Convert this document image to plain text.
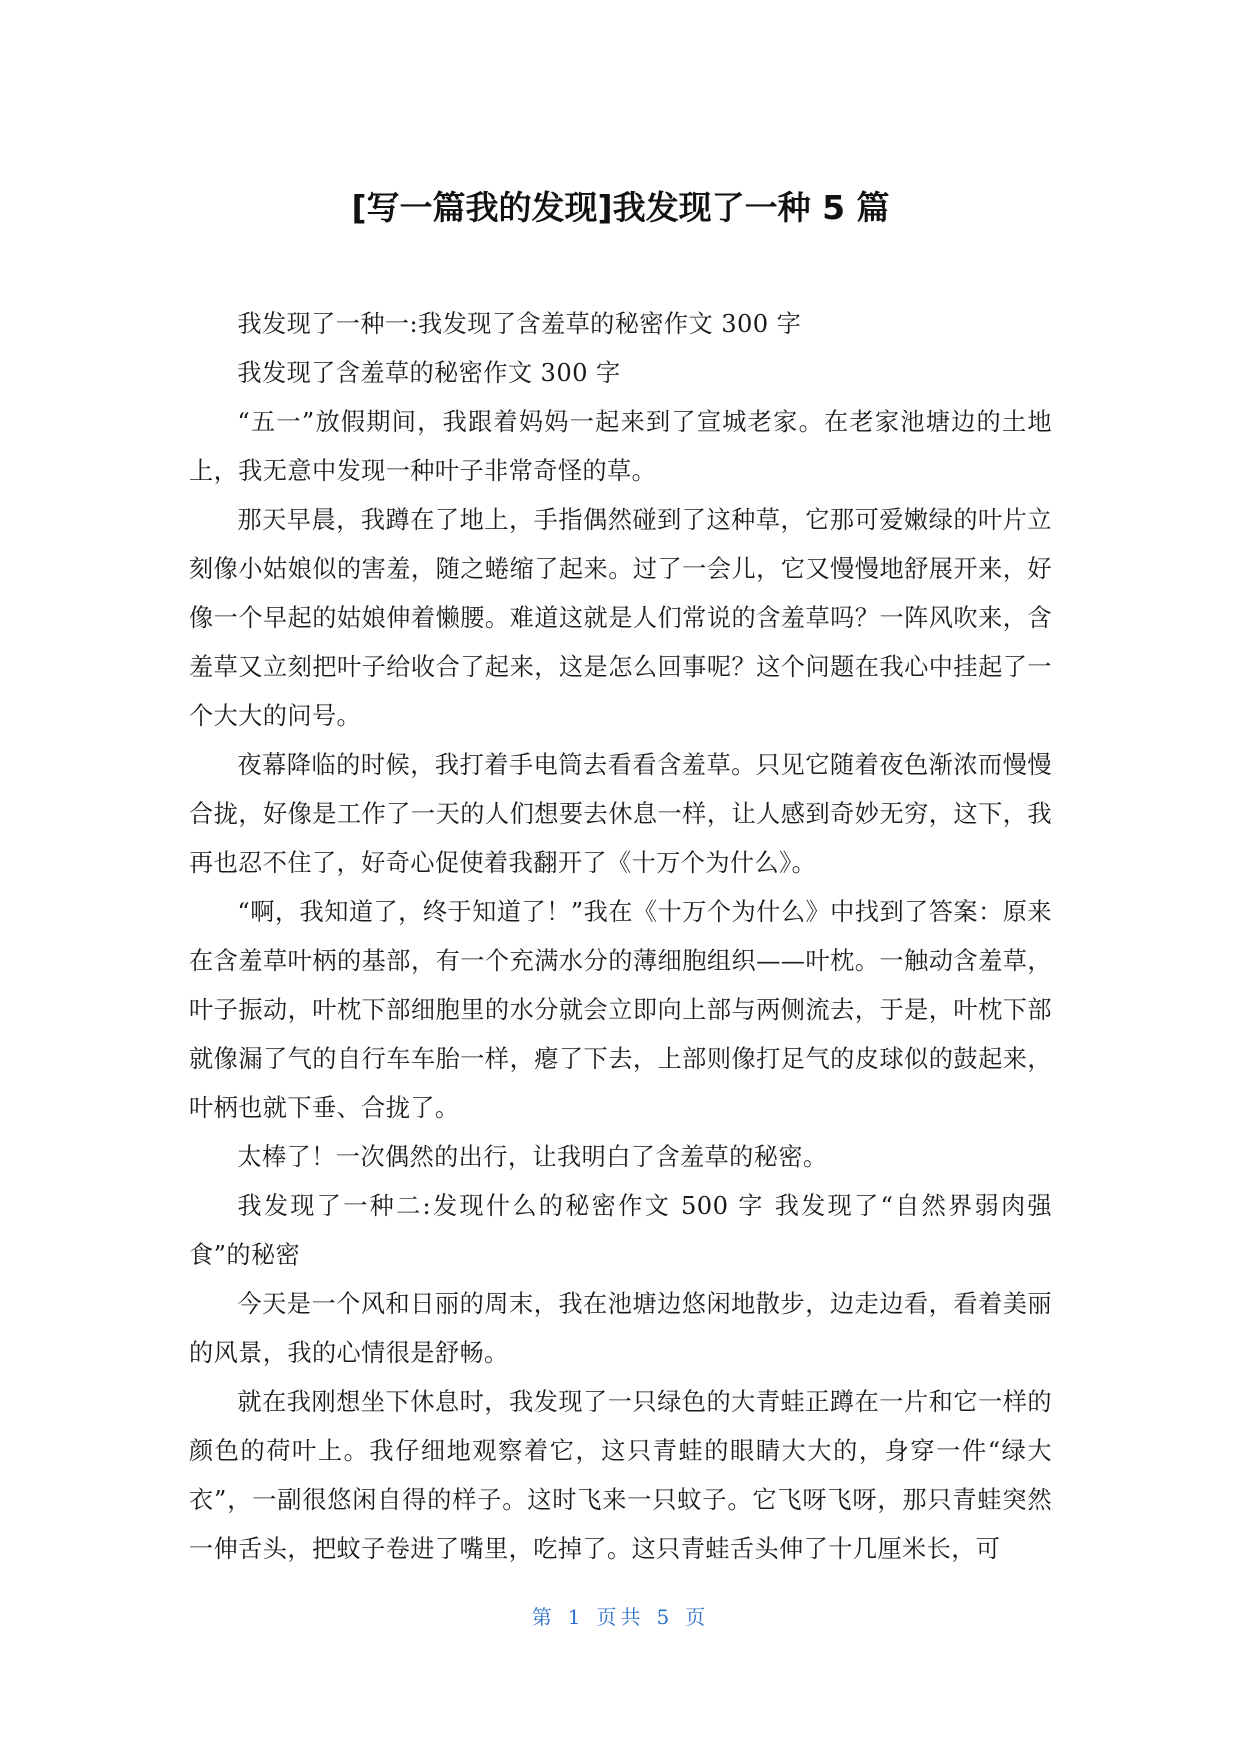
[写一篇我的发现]我发现了一种 5 篇

我发现了一种一:我发现了含羞草的秘密作文 300 字

我发现了含羞草的秘密作文 300 字

“五一”放假期间，我跟着妈妈一起来到了宣城老家。在老家池塘边的土地上，我无意中发现一种叶子非常奇怪的草。

那天早晨，我蹲在了地上，手指偶然碰到了这种草，它那可爱嫩绿的叶片立刻像小姑娘似的害羞，随之蜷缩了起来。过了一会儿，它又慢慢地舒展开来，好像一个早起的姑娘伸着懒腰。难道这就是人们常说的含羞草吗？一阵风吹来，含羞草又立刻把叶子给收合了起来，这是怎么回事呢？这个问题在我心中挂起了一个大大的问号。

夜幕降临的时候，我打着手电筒去看看含羞草。只见它随着夜色渐浓而慢慢合拢，好像是工作了一天的人们想要去休息一样，让人感到奇妙无穷，这下，我再也忍不住了，好奇心促使着我翻开了《十万个为什么》。

“啊，我知道了，终于知道了！”我在《十万个为什么》中找到了答案：原来在含羞草叶柄的基部，有一个充满水分的薄细胞组织——叶枕。一触动含羞草，叶子振动，叶枕下部细胞里的水分就会立即向上部与两侧流去，于是，叶枕下部就像漏了气的自行车车胎一样，瘪了下去，上部则像打足气的皮球似的鼓起来，叶柄也就下垂、合拢了。

太棒了！一次偶然的出行，让我明白了含羞草的秘密。

我发现了一种二:发现什么的秘密作文 500 字 我发现了“自然界弱肉强食”的秘密

今天是一个风和日丽的周末，我在池塘边悠闲地散步，边走边看，看着美丽的风景，我的心情很是舒畅。

就在我刚想坐下休息时，我发现了一只绿色的大青蛙正蹲在一片和它一样的颜色的荷叶上。我仔细地观察着它，这只青蛙的眼睛大大的，身穿一件“绿大衣”，一副很悠闲自得的样子。这时飞来一只蚊子。它飞呀飞呀，那只青蛙突然一伸舌头，把蚊子卷进了嘴里，吃掉了。这只青蛙舌头伸了十几厘米长，可

第 1 页共 5 页
